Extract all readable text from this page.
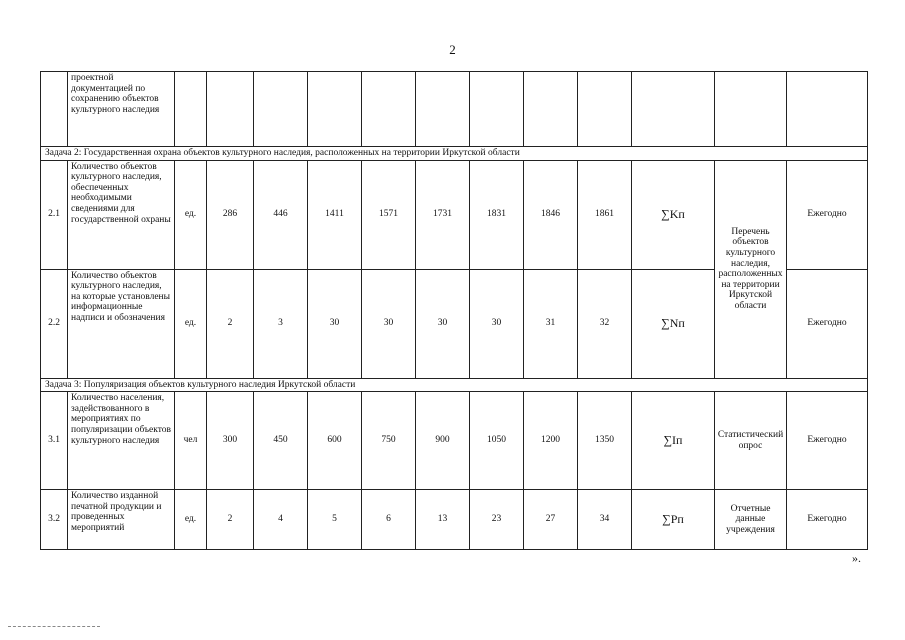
2
	проектной документацией по сохранению объектов культурного наследия												
Задача 2: Государственная охрана объектов культурного наследия, расположенных на территории Иркутской области													
2.1	Количество объектов культурного наследия, обеспеченных необходимыми сведениями для государственной охраны	ед.	286	446	1411	1571	1731	1831	1846	1861	∑Kп	Перечень объектов культурного наследия, расположенных на территории Иркутской области	Ежегодно
2.2	Количество объектов культурного наследия, на которые установлены информационные надписи и обозначения	ед.	2	3	30	30	30	30	31	32	∑Nп		Ежегодно
Задача 3: Популяризация объектов культурного наследия Иркутской области													
3.1	Количество населения, задействованного в мероприятиях по популяризации объектов культурного наследия	чел	300	450	600	750	900	1050	1200	1350	∑Iп	Статистический опрос	Ежегодно
3.2	Количество изданной печатной продукции и проведенных мероприятий	ед.	2	4	5	6	13	23	27	34	∑Pп	Отчетные данные учреждения	Ежегодно
».
